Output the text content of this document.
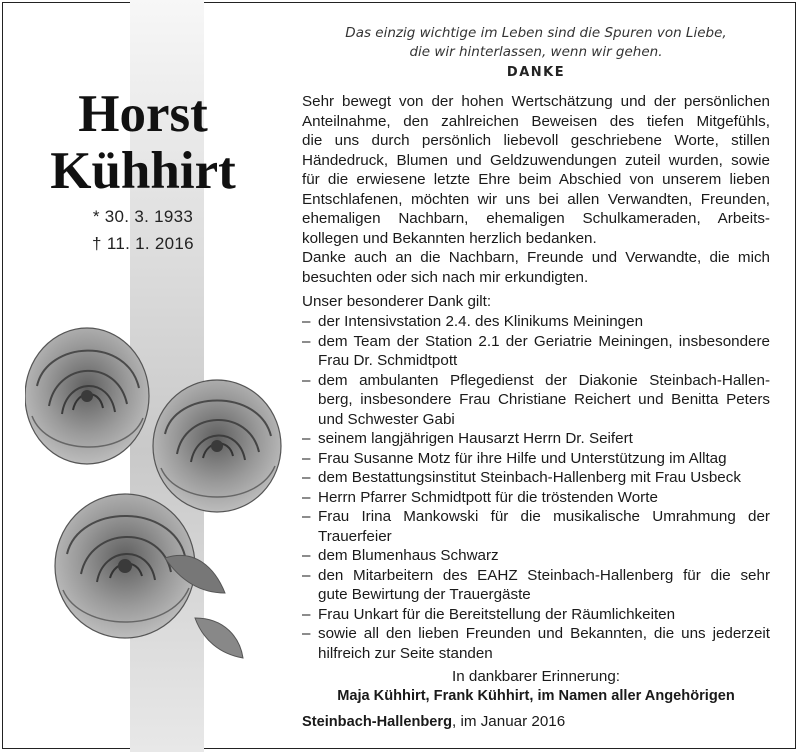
Horst
Kühhirt
* 30. 3. 1933
† 11. 1. 2016
Das einzig wichtige im Leben sind die Spuren von Liebe,
die wir hinterlassen, wenn wir gehen.
DANKE
Sehr bewegt von der hohen Wertschätzung und der persönlichen
Anteilnahme, den zahlreichen Beweisen des tiefen Mitgefühls,
die uns durch persönlich liebevoll geschriebene Worte, stillen
Händedruck, Blumen und Geldzuwendungen zuteil wurden, sowie
für die erwiesene letzte Ehre beim Abschied von unserem lieben
Entschlafenen, möchten wir uns bei allen Verwandten, Freunden,
ehemaligen Nachbarn, ehemaligen Schulkameraden, Arbeits-
kollegen und Bekannten herzlich bedanken.
Danke auch an die Nachbarn, Freunde und Verwandte, die mich
besuchten oder sich nach mir erkundigten.
Unser besonderer Dank gilt:
– der Intensivstation 2.4. des Klinikums Meiningen
– dem Team der Station 2.1 der Geriatrie Meiningen, insbesondere
Frau Dr. Schmidtpott
– dem ambulanten Pflegedienst der Diakonie Steinbach-Hallen-
berg, insbesondere Frau Christiane Reichert und Benitta Peters
und Schwester Gabi
– seinem langjährigen Hausarzt Herrn Dr. Seifert
– Frau Susanne Motz für ihre Hilfe und Unterstützung im Alltag
– dem Bestattungsinstitut Steinbach-Hallenberg mit Frau Usbeck
– Herrn Pfarrer Schmidtpott für die tröstenden Worte
– Frau Irina Mankowski für die musikalische Umrahmung der
Trauerfeier
– dem Blumenhaus Schwarz
– den Mitarbeitern des EAHZ Steinbach-Hallenberg für die sehr
gute Bewirtung der Trauergäste
– Frau Unkart für die Bereitstellung der Räumlichkeiten
– sowie all den lieben Freunden und Bekannten, die uns jederzeit
hilfreich zur Seite standen
In dankbarer Erinnerung:
Maja Kühhirt, Frank Kühhirt, im Namen aller Angehörigen
Steinbach-Hallenberg, im Januar 2016
